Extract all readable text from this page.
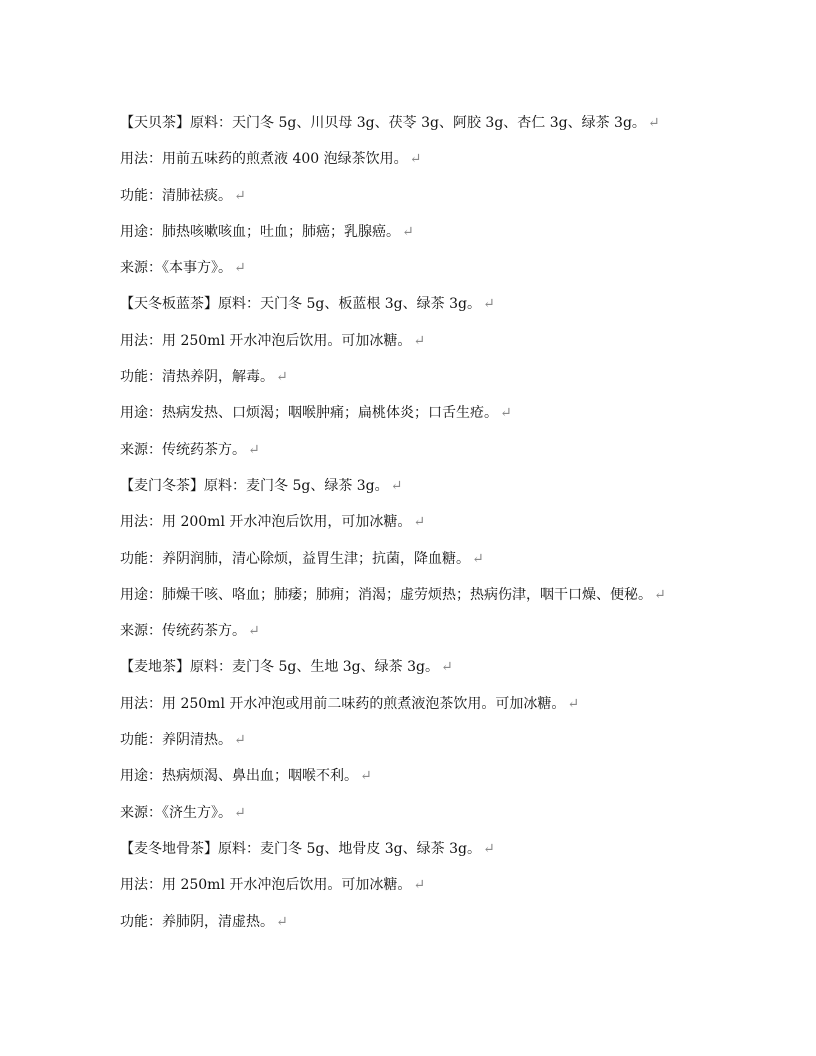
【天贝茶】原料：天门冬 5g、川贝母 3g、茯苓 3g、阿胶 3g、杏仁 3g、绿茶 3g。 ↵
用法：用前五味药的煎煮液 400 泡绿茶饮用。 ↵
功能：清肺祛痰。 ↵
用途：肺热咳嗽咳血；吐血；肺癌；乳腺癌。 ↵
来源：《本事方》。 ↵
【天冬板蓝茶】原料：天门冬 5g、板蓝根 3g、绿茶 3g。 ↵
用法：用 250ml 开水冲泡后饮用。可加冰糖。 ↵
功能：清热养阴，解毒。 ↵
用途：热病发热、口烦渴；咽喉肿痛；扁桃体炎；口舌生疮。 ↵
来源：传统药茶方。 ↵
【麦门冬茶】原料：麦门冬 5g、绿茶 3g。 ↵
用法：用 200ml 开水冲泡后饮用，可加冰糖。 ↵
功能：养阴润肺，清心除烦，益胃生津；抗菌，降血糖。 ↵
用途：肺燥干咳、咯血；肺痿；肺痈；消渴；虚劳烦热；热病伤津，咽干口燥、便秘。 ↵
来源：传统药茶方。 ↵
【麦地茶】原料：麦门冬 5g、生地 3g、绿茶 3g。 ↵
用法：用 250ml 开水冲泡或用前二味药的煎煮液泡茶饮用。可加冰糖。 ↵
功能：养阴清热。 ↵
用途：热病烦渴、鼻出血；咽喉不利。 ↵
来源：《济生方》。 ↵
【麦冬地骨茶】原料：麦门冬 5g、地骨皮 3g、绿茶 3g。 ↵
用法：用 250ml 开水冲泡后饮用。可加冰糖。 ↵
功能：养肺阴，清虚热。 ↵
